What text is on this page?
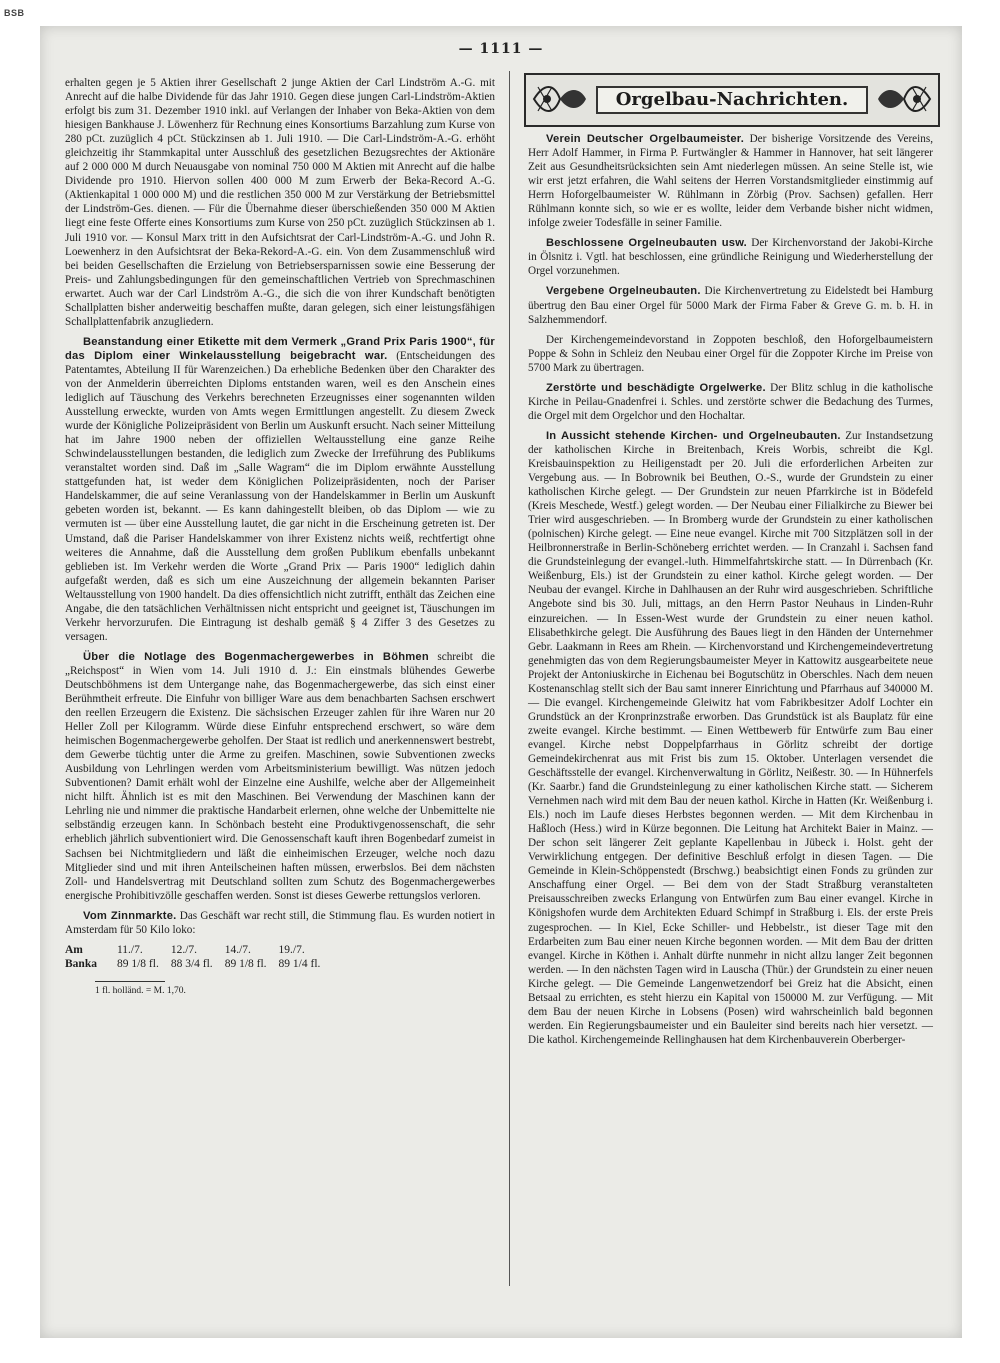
BSB
— 1111 —

erhalten gegen je 5 Aktien ihrer Gesellschaft 2 junge Aktien der Carl Lindström A.-G. mit Anrecht auf die halbe Dividende für das Jahr 1910. Gegen diese jungen Carl-Lindström-Aktien erfolgt bis zum 31. Dezember 1910 inkl. auf Verlangen der Inhaber von Beka-Aktien von dem hiesigen Bankhause J. Löwenherz für Rechnung eines Konsortiums Barzahlung zum Kurse von 280 pCt. zuzüglich 4 pCt. Stückzinsen ab 1. Juli 1910. — Die Carl-Lindström-A.-G. erhöht gleichzeitig ihr Stammkapital unter Ausschluß des gesetzlichen Bezugsrechtes der Aktionäre auf 2 000 000 M durch Neuausgabe von nominal 750 000 M Aktien mit Anrecht auf die halbe Dividende pro 1910. Hiervon sollen 400 000 M zum Erwerb der Beka-Record A.-G. (Aktienkapital 1 000 000 M) und die restlichen 350 000 M zur Verstärkung der Betriebsmittel der Lindström-Ges. dienen. — Für die Übernahme dieser überschießenden 350 000 M Aktien liegt eine feste Offerte eines Konsortiums zum Kurse von 250 pCt. zuzüglich Stückzinsen ab 1. Juli 1910 vor. — Konsul Marx tritt in den Aufsichtsrat der Carl-Lindström-A.-G. und John R. Loewenherz in den Aufsichtsrat der Beka-Rekord-A.-G. ein. Von dem Zusammenschluß wird bei beiden Gesellschaften die Erzielung von Betriebsersparnissen sowie eine Besserung der Preis- und Zahlungsbedingungen für den gemeinschaftlichen Vertrieb von Sprechmaschinen erwartet. Auch war der Carl Lindström A.-G., die sich die von ihrer Kundschaft benötigten Schallplatten bisher anderweitig beschaffen mußte, daran gelegen, sich einer leistungsfähigen Schallplattenfabrik anzugliedern.

Beanstandung einer Etikette mit dem Vermerk „Grand Prix Paris 1900“, für das Diplom einer Winkelausstellung beigebracht war. (Entscheidungen des Patentamtes, Abteilung II für Warenzeichen.) Da erhebliche Bedenken über den Charakter des von der Anmelderin überreichten Diploms entstanden waren, weil es den Anschein eines lediglich auf Täuschung des Verkehrs berechneten Erzeugnisses einer sogenannten wilden Ausstellung erweckte, wurden von Amts wegen Ermittlungen angestellt. Zu diesem Zweck wurde der Königliche Polizeipräsident von Berlin um Auskunft ersucht. Nach seiner Mitteilung hat im Jahre 1900 neben der offiziellen Weltausstellung eine ganze Reihe Schwindelausstellungen bestanden, die lediglich zum Zwecke der Irreführung des Publikums veranstaltet worden sind. Daß im „Salle Wagram“ die im Diplom erwähnte Ausstellung stattgefunden hat, ist weder dem Königlichen Polizeipräsidenten, noch der Pariser Handelskammer, die auf seine Veranlassung von der Handelskammer in Berlin um Auskunft gebeten worden ist, bekannt. — Es kann dahingestellt bleiben, ob das Diplom — wie zu vermuten ist — über eine Ausstellung lautet, die gar nicht in die Erscheinung getreten ist. Der Umstand, daß die Pariser Handelskammer von ihrer Existenz nichts weiß, rechtfertigt ohne weiteres die Annahme, daß die Ausstellung dem großen Publikum ebenfalls unbekannt geblieben ist. Im Verkehr werden die Worte „Grand Prix — Paris 1900“ lediglich dahin aufgefaßt werden, daß es sich um eine Auszeichnung der allgemein bekannten Pariser Weltausstellung von 1900 handelt. Da dies offensichtlich nicht zutrifft, enthält das Zeichen eine Angabe, die den tatsächlichen Verhältnissen nicht entspricht und geeignet ist, Täuschungen im Verkehr hervorzurufen. Die Eintragung ist deshalb gemäß § 4 Ziffer 3 des Gesetzes zu versagen.

Über die Notlage des Bogenmachergewerbes in Böhmen schreibt die „Reichspost“ in Wien vom 14. Juli 1910 d. J.: Ein einstmals blühendes Gewerbe Deutschböhmens ist dem Untergange nahe, das Bogenmachergewerbe, das sich einst einer Berühmtheit erfreute. Die Einfuhr von billiger Ware aus dem benachbarten Sachsen erschwert den reellen Erzeugern die Existenz. Die sächsischen Erzeuger zahlen für ihre Waren nur 20 Heller Zoll per Kilogramm. Würde diese Einfuhr entsprechend erschwert, so wäre dem heimischen Bogenmachergewerbe geholfen. Der Staat ist redlich und anerkennenswert bestrebt, dem Gewerbe tüchtig unter die Arme zu greifen. Maschinen, sowie Subventionen zwecks Ausbildung von Lehrlingen werden vom Arbeitsministerium bewilligt. Was nützen jedoch Subventionen? Damit erhält wohl der Einzelne eine Aushilfe, welche aber der Allgemeinheit nicht hilft. Ähnlich ist es mit den Maschinen. Bei Verwendung der Maschinen kann der Lehrling nie und nimmer die praktische Handarbeit erlernen, ohne welche der Unbemittelte nie selbständig erzeugen kann. In Schönbach besteht eine Produktivgenossenschaft, die sehr erheblich jährlich subventioniert wird. Die Genossenschaft kauft ihren Bogenbedarf zumeist in Sachsen bei Nichtmitgliedern und läßt die einheimischen Erzeuger, welche noch dazu Mitglieder sind und mit ihren Anteilscheinen haften müssen, erwerbslos. Bei dem nächsten Zoll- und Handelsvertrag mit Deutschland sollten zum Schutz des Bogenmachergewerbes energische Prohibitivzölle geschaffen werden. Sonst ist dieses Gewerbe rettungslos verloren.

Vom Zinnmarkte. Das Geschäft war recht still, die Stimmung flau. Es wurden notiert in Amsterdam für 50 Kilo loko:

Am	11./7.	12./7.	14./7.	19./7.
Banka	89 1/8 fl.	88 3/4 fl.	89 1/8 fl.	89 1/4 fl.
1 fl. holländ. = M. 1,70.
Orgelbau-Nachrichten.

Verein Deutscher Orgelbaumeister. Der bisherige Vorsitzende des Vereins, Herr Adolf Hammer, in Firma P. Furtwängler & Hammer in Hannover, hat seit längerer Zeit aus Gesundheitsrücksichten sein Amt niederlegen müssen. An seine Stelle ist, wie wir erst jetzt erfahren, die Wahl seitens der Herren Vorstandsmitglieder einstimmig auf Herrn Hoforgelbaumeister W. Rühlmann in Zörbig (Prov. Sachsen) gefallen. Herr Rühlmann konnte sich, so wie er es wollte, leider dem Verbande bisher nicht widmen, infolge zweier Todesfälle in seiner Familie.

Beschlossene Orgelneubauten usw. Der Kirchenvorstand der Jakobi-Kirche in Ölsnitz i. Vgtl. hat beschlossen, eine gründliche Reinigung und Wiederherstellung der Orgel vorzunehmen.

Vergebene Orgelneubauten. Die Kirchenvertretung zu Eidelstedt bei Hamburg übertrug den Bau einer Orgel für 5000 Mark der Firma Faber & Greve G. m. b. H. in Salzhemmendorf.

Der Kirchengemeindevorstand in Zoppoten beschloß, den Hoforgelbaumeistern Poppe & Sohn in Schleiz den Neubau einer Orgel für die Zoppoter Kirche im Preise von 5700 Mark zu übertragen.

Zerstörte und beschädigte Orgelwerke. Der Blitz schlug in die katholische Kirche in Peilau-Gnadenfrei i. Schles. und zerstörte schwer die Bedachung des Turmes, die Orgel mit dem Orgelchor und den Hochaltar.

In Aussicht stehende Kirchen- und Orgelneubauten. Zur Instandsetzung der katholischen Kirche in Breitenbach, Kreis Worbis, schreibt die Kgl. Kreisbauinspektion zu Heiligenstadt per 20. Juli die erforderlichen Arbeiten zur Vergebung aus. — In Bobrownik bei Beuthen, O.-S., wurde der Grundstein zu einer katholischen Kirche gelegt. — Der Grundstein zur neuen Pfarrkirche ist in Bödefeld (Kreis Meschede, Westf.) gelegt worden. — Der Neubau einer Filialkirche zu Biewer bei Trier wird ausgeschrieben. — In Bromberg wurde der Grundstein zu einer katholischen (polnischen) Kirche gelegt. — Eine neue evangel. Kirche mit 700 Sitzplätzen soll in der Heilbronnerstraße in Berlin-Schöneberg errichtet werden. — In Cranzahl i. Sachsen fand die Grundsteinlegung der evangel.-luth. Himmelfahrtskirche statt. — In Dürrenbach (Kr. Weißenburg, Els.) ist der Grundstein zu einer kathol. Kirche gelegt worden. — Der Neubau der evangel. Kirche in Dahlhausen an der Ruhr wird ausgeschrieben. Schriftliche Angebote sind bis 30. Juli, mittags, an den Herrn Pastor Neuhaus in Linden-Ruhr einzureichen. — In Essen-West wurde der Grundstein zu einer neuen kathol. Elisabethkirche gelegt. Die Ausführung des Baues liegt in den Händen der Unternehmer Gebr. Laakmann in Rees am Rhein. — Kirchenvorstand und Kirchengemeindevertretung genehmigten das von dem Regierungsbaumeister Meyer in Kattowitz ausgearbeitete neue Projekt der Antoniuskirche in Eichenau bei Bogutschütz in Oberschles. Nach dem neuen Kostenanschlag stellt sich der Bau samt innerer Einrichtung und Pfarrhaus auf 340000 M. — Die evangel. Kirchengemeinde Gleiwitz hat vom Fabrikbesitzer Adolf Lochter ein Grundstück an der Kronprinzstraße erworben. Das Grundstück ist als Bauplatz für eine zweite evangel. Kirche bestimmt. — Einen Wettbewerb für Entwürfe zum Bau einer evangel. Kirche nebst Doppelpfarrhaus in Görlitz schreibt der dortige Gemeindekirchenrat aus mit Frist bis zum 15. Oktober. Unterlagen versendet die Geschäftsstelle der evangel. Kirchenverwaltung in Görlitz, Neißestr. 30. — In Hühnerfels (Kr. Saarbr.) fand die Grundsteinlegung zu einer katholischen Kirche statt. — Sicherem Vernehmen nach wird mit dem Bau der neuen kathol. Kirche in Hatten (Kr. Weißenburg i. Els.) noch im Laufe dieses Herbstes begonnen werden. — Mit dem Kirchenbau in Haßloch (Hess.) wird in Kürze begonnen. Die Leitung hat Architekt Baier in Mainz. — Der schon seit längerer Zeit geplante Kapellenbau in Jübeck i. Holst. geht der Verwirklichung entgegen. Der definitive Beschluß erfolgt in diesen Tagen. — Die Gemeinde in Klein-Schöppenstedt (Brschwg.) beabsichtigt einen Fonds zu gründen zur Anschaffung einer Orgel. — Bei dem von der Stadt Straßburg veranstalteten Preisausschreiben zwecks Erlangung von Entwürfen zum Bau einer evangel. Kirche in Königshofen wurde dem Architekten Eduard Schimpf in Straßburg i. Els. der erste Preis zugesprochen. — In Kiel, Ecke Schiller- und Hebbelstr., ist dieser Tage mit den Erdarbeiten zum Bau einer neuen Kirche begonnen worden. — Mit dem Bau der dritten evangel. Kirche in Köthen i. Anhalt dürfte nunmehr in nicht allzu langer Zeit begonnen werden. — In den nächsten Tagen wird in Lauscha (Thür.) der Grundstein zu einer neuen Kirche gelegt. — Die Gemeinde Langenwetzendorf bei Greiz hat die Absicht, einen Betsaal zu errichten, es steht hierzu ein Kapital von 150000 M. zur Verfügung. — Mit dem Bau der neuen Kirche in Lobsens (Posen) wird wahrscheinlich bald begonnen werden. Ein Regierungsbaumeister und ein Bauleiter sind bereits nach hier versetzt. — Die kathol. Kirchengemeinde Rellinghausen hat dem Kirchenbauverein Oberberger-
